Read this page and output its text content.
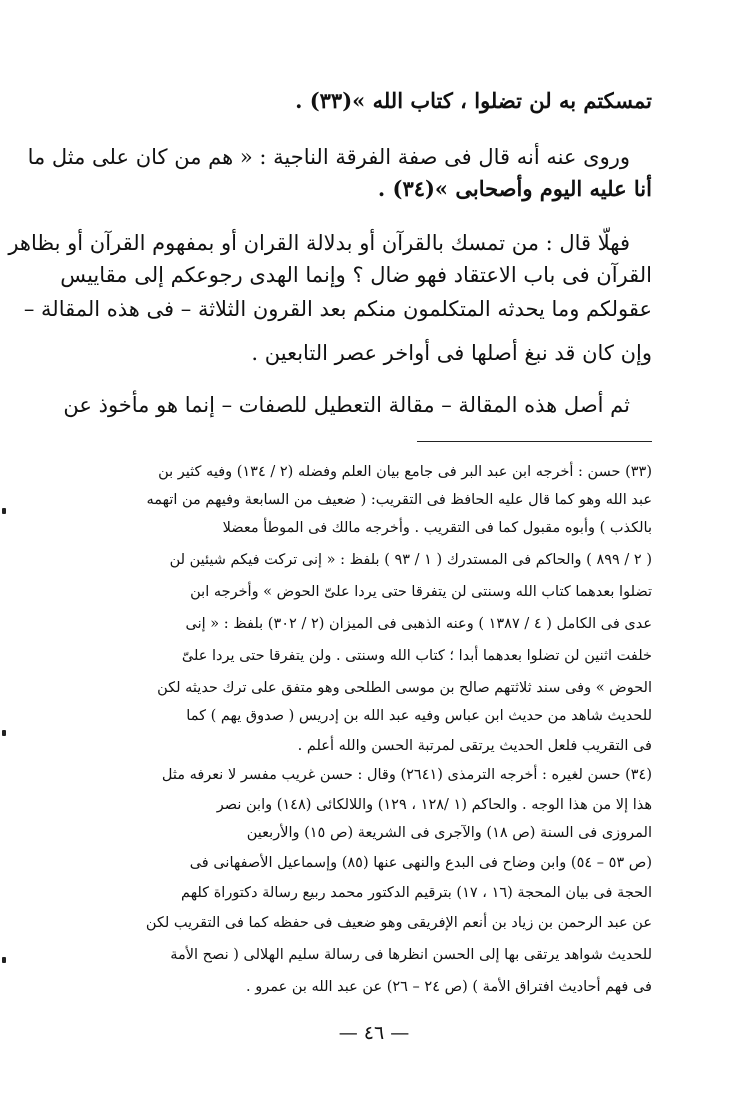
تمسكتم به لن تضلوا ، كتاب الله »(٣٣) .
وروى عنه أنه قال فى صفة الفرقة الناجية : « هم من كان على مثل ما
أنا عليه اليوم وأصحابى »(٣٤) .
فهلّا قال : من تمسك بالقرآن أو بدلالة القران أو بمفهوم القرآن أو بظاهر
القرآن فى باب الاعتقاد فهو ضال ؟ وإنما الهدى رجوعكم إلى مقاييس
عقولكم وما يحدثه المتكلمون منكم بعد القرون الثلاثة – فى هذه المقالة –
وإن كان قد نبغ أصلها فى أواخر عصر التابعين .
ثم أصل هذه المقالة – مقالة التعطيل للصفات – إنما هو مأخوذ عن
(٣٣) حسن : أخرجه ابن عبد البر فى جامع بيان العلم وفضله (٢ / ١٣٤) وفيه كثير بن
عبد الله وهو كما قال عليه الحافظ فى التقريب: ( ضعيف من السابعة وفيهم من اتهمه
بالكذب ) وأبوه مقبول كما فى التقريب . وأخرجه مالك فى الموطأ معضلا
( ٢ / ٨٩٩ ) والحاكم فى المستدرك ( ١ / ٩٣ ) بلفظ : « إنى تركت فيكم شيئين لن
تضلوا بعدهما كتاب الله وسنتى لن يتفرقا حتى يردا علىّ الحوض » وأخرجه ابن
عدى فى الكامل ( ٤ / ١٣٨٧ ) وعنه الذهبى فى الميزان (٢ / ٣٠٢) بلفظ : « إنى
خلفت اثنين لن تضلوا بعدهما أبدا ؛ كتاب الله وسنتى . ولن يتفرقا حتى يردا علىّ
الحوض » وفى سند ثلاثتهم صالح بن موسى الطلحى وهو متفق على ترك حديثه لكن
للحديث شاهد من حديث ابن عباس وفيه عبد الله بن إدريس ( صدوق يهم ) كما
فى التقريب فلعل الحديث يرتقى لمرتبة الحسن والله أعلم .
(٣٤) حسن لغيره : أخرجه الترمذى (٢٦٤١) وقال : حسن غريب مفسر لا نعرفه مثل
هذا إلا من هذا الوجه . والحاكم (١ /١٢٨ ، ١٢٩) واللالكائى (١٤٨) وابن نصر
المروزى فى السنة (ص ١٨) والآجرى فى الشريعة (ص ١٥) والأربعين
(ص ٥٣ – ٥٤) وابن وضاح فى البدع والنهى عنها (٨٥) وإسماعيل الأصفهانى فى
الحجة فى بيان المحجة (١٦ ، ١٧) بترقيم الدكتور محمد ربيع رسالة دكتوراة كلهم
عن عبد الرحمن بن زياد بن أنعم الإفريقى وهو ضعيف فى حفظه كما فى التقريب لكن
للحديث شواهد يرتقى بها إلى الحسن انظرها فى رسالة سليم الهلالى ( نصح الأمة
فى فهم أحاديث افتراق الأمة ) (ص ٢٤ – ٢٦) عن عبد الله بن عمرو .
— ٤٦ —
